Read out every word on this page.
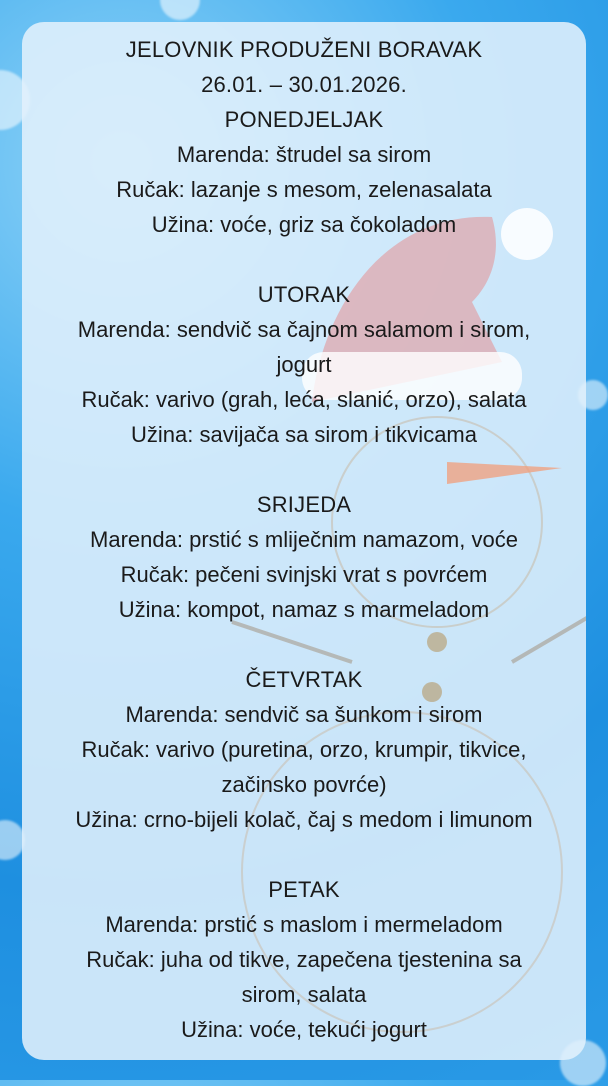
JELOVNIK PRODUŽENI BORAVAK
26.01. – 30.01.2026.
PONEDJELJAK
Marenda: štrudel sa sirom
Ručak: lazanje s mesom, zelenasalata
Užina: voće, griz sa čokoladom
UTORAK
Marenda: sendvič sa čajnom salamom i sirom,
jogurt
Ručak: varivo (grah, leća, slanić, orzo), salata
Užina: savijača sa sirom i tikvicama
SRIJEDA
Marenda: prstić s mliječnim namazom, voće
Ručak: pečeni svinjski vrat s povrćem
Užina: kompot, namaz s marmeladom
ČETVRTAK
Marenda: sendvič sa šunkom i sirom
Ručak: varivo (puretina, orzo, krumpir, tikvice,
začinsko povrće)
Užina: crno-bijeli kolač, čaj s medom i limunom
PETAK
Marenda: prstić s maslom i mermeladom
Ručak: juha od tikve, zapečena tjestenina sa
sirom, salata
Užina: voće, tekući jogurt
